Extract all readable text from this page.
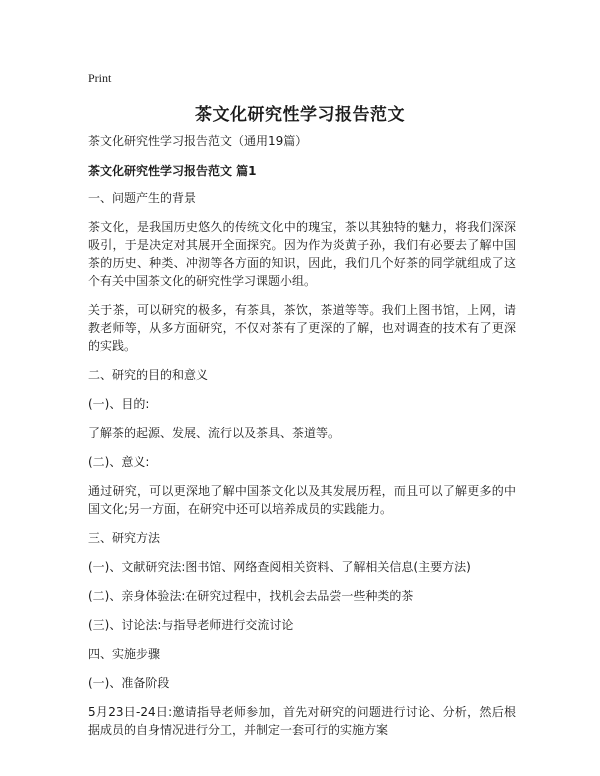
Print
茶文化研究性学习报告范文

茶文化研究性学习报告范文（通用19篇）

茶文化研究性学习报告范文 篇1

一、问题产生的背景

茶文化，是我国历史悠久的传统文化中的瑰宝，茶以其独特的魅力，将我们深深吸引，于是决定对其展开全面探究。因为作为炎黄子孙，我们有必要去了解中国茶的历史、种类、冲沏等各方面的知识，因此，我们几个好茶的同学就组成了这个有关中国茶文化的研究性学习课题小组。

关于茶，可以研究的极多，有茶具，茶饮，茶道等等。我们上图书馆，上网，请教老师等，从多方面研究，不仅对茶有了更深的了解，也对调查的技术有了更深的实践。

二、研究的目的和意义

(一)、目的:

了解茶的起源、发展、流行以及茶具、茶道等。

(二)、意义:

通过研究，可以更深地了解中国茶文化以及其发展历程，而且可以了解更多的中国文化;另一方面，在研究中还可以培养成员的实践能力。

三、研究方法

(一)、文献研究法:图书馆、网络查阅相关资料、了解相关信息(主要方法)

(二)、亲身体验法:在研究过程中，找机会去品尝一些种类的茶

(三)、讨论法:与指导老师进行交流讨论

四、实施步骤

(一)、准备阶段

5月23日-24日:邀请指导老师参加，首先对研究的问题进行讨论、分析，然后根据成员的自身情况进行分工，并制定一套可行的实施方案
